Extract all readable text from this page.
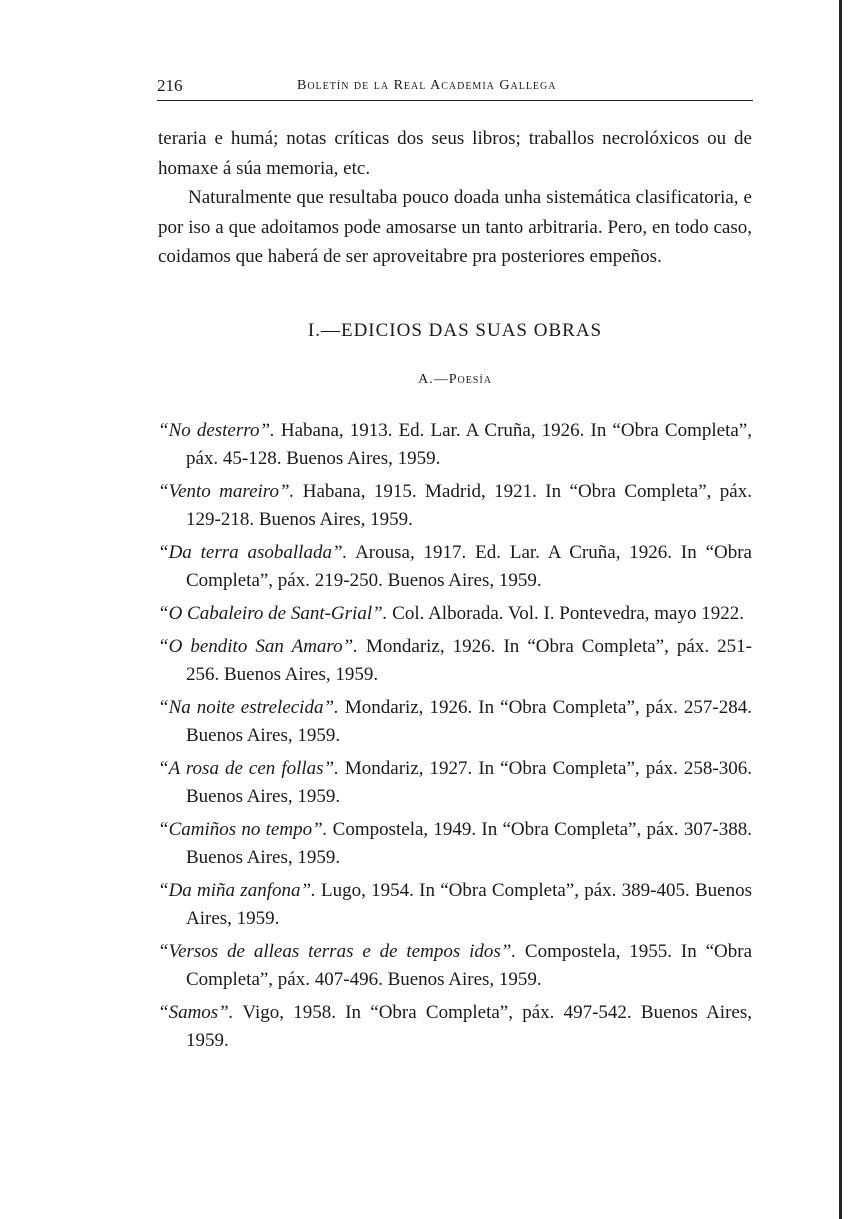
216	Boletín de la Real Academia Gallega

teraria e humá; notas críticas dos seus libros; traballos necrolóxicos ou de homaxe á súa memoria, etc.

Naturalmente que resultaba pouco doada unha sistemática clasificatoria, e por iso a que adoitamos pode amosarse un tanto arbitraria. Pero, en todo caso, coidamos que haberá de ser aproveitabre pra posteriores empeños.

I.—EDICIOS DAS SUAS OBRAS
A.—Poesía
“No desterro”. Habana, 1913. Ed. Lar. A Cruña, 1926. In “Obra Completa”, páx. 45-128. Buenos Aires, 1959.
“Vento mareiro”. Habana, 1915. Madrid, 1921. In “Obra Completa”, páx. 129-218. Buenos Aires, 1959.
“Da terra asoballada”. Arousa, 1917. Ed. Lar. A Cruña, 1926. In “Obra Completa”, páx. 219-250. Buenos Aires, 1959.
“O Cabaleiro de Sant-Grial”. Col. Alborada. Vol. I. Pontevedra, mayo 1922.
“O bendito San Amaro”. Mondariz, 1926. In “Obra Completa”, páx. 251-256. Buenos Aires, 1959.
“Na noite estrelecida”. Mondariz, 1926. In “Obra Completa”, páx. 257-284. Buenos Aires, 1959.
“A rosa de cen follas”. Mondariz, 1927. In “Obra Completa”, páx. 258-306. Buenos Aires, 1959.
“Camiños no tempo”. Compostela, 1949. In “Obra Completa”, páx. 307-388. Buenos Aires, 1959.
“Da miña zanfona”. Lugo, 1954. In “Obra Completa”, páx. 389-405. Buenos Aires, 1959.
“Versos de alleas terras e de tempos idos”. Compostela, 1955. In “Obra Completa”, páx. 407-496. Buenos Aires, 1959.
“Samos”. Vigo, 1958. In “Obra Completa”, páx. 497-542. Buenos Aires, 1959.
